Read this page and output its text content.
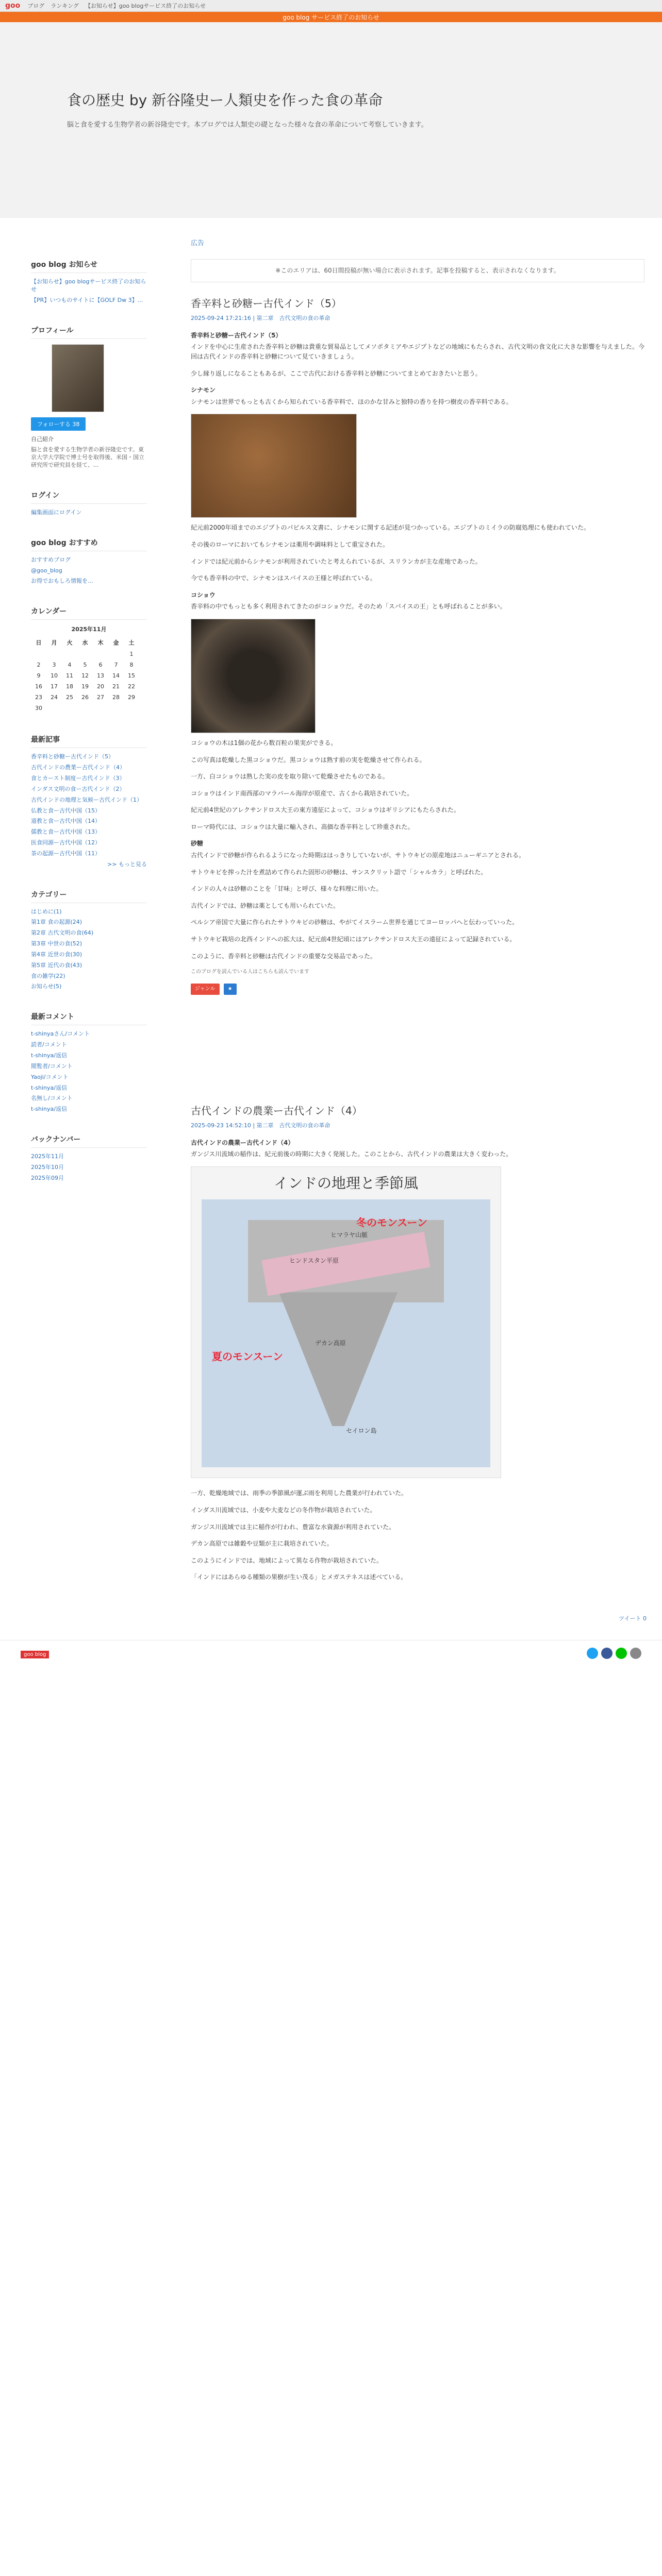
goo ブログ ランキング 【お知らせ】goo blogサービス終了のお知らせ
goo blog サービス終了のお知らせ
食の歴史 by 新谷隆史ー人類史を作った食の革命

脳と食を愛する生物学者の新谷隆史です。本ブログでは人類史の礎となった様々な食の革命について考察していきます。

goo blog お知らせ
【お知らせ】goo blogサービス終了のお知らせ
【PR】いつものサイトに【GOLF Dw 3】...
プロフィール
フォローする 38
自己紹介
脳と食を愛する生物学者の新谷隆史です。東京大学大学院で博士号を取得後、米国・国立研究所で研究員を経て、...
ログイン
編集画面にログイン
goo blog おすすめ
おすすめブログ
@goo_blog
お得でおもしろ情報を...
カレンダー
2025年11月
日	月	火	水	木	金	土
						1
2	3	4	5	6	7	8
9	10	11	12	13	14	15
16	17	18	19	20	21	22
23	24	25	26	27	28	29
30						
最新記事
香辛料と砂糖ー古代インド（5）
古代インドの農業ー古代インド（4）
食とカースト制度ー古代インド（3）
インダス文明の食ー古代インド（2）
古代インドの地理と気候ー古代インド（1）
仏教と食ー古代中国（15）
道教と食ー古代中国（14）
儒教と食ー古代中国（13）
医食同源ー古代中国（12）
茶の起源ー古代中国（11）
>> もっと見る
カテゴリー
はじめに(1)
第1章 食の起源(24)
第2章 古代文明の食(64)
第3章 中世の食(52)
第4章 近世の食(30)
第5章 近代の食(43)
食の雑学(22)
お知らせ(5)
最新コメント
t-shinyaさん/コメント
読者/コメント
t-shinya/返信
閲覧者/コメント
Yaoji/コメント
t-shinya/返信
名無し/コメント
t-shinya/返信
バックナンバー
2025年11月
2025年10月
2025年09月
広告
※このエリアは、60日間投稿が無い場合に表示されます。記事を投稿すると、表示されなくなります。
香辛料と砂糖ー古代インド（5）
2025-09-24 17:21:16 | 第二章　古代文明の食の革命
香辛料と砂糖ー古代インド（5）
インドを中心に生産された香辛料と砂糖は貴重な貿易品としてメソポタミアやエジプトなどの地域にもたらされ、古代文明の食文化に大きな影響を与えました。今回は古代インドの香辛料と砂糖について見ていきましょう。
少し縁り返しになることもあるが、ここで古代における香辛料と砂糖についてまとめておきたいと思う。
シナモン
シナモンは世界でもっとも古くから知られている香辛料で、ほのかな甘みと独特の香りを持つ樹皮の香辛料である。
紀元前2000年頃までのエジプトのパピルス文書に、シナモンに関する記述が見つかっている。エジプトのミイラの防腐処理にも使われていた。
その後のローマにおいてもシナモンは薬用や調味料として重宝された。
インドでは紀元前からシナモンが利用されていたと考えられているが、スリランカが主な産地であった。
今でも香辛料の中で、シナモンはスパイスの王様と呼ばれている。
コショウ
香辛料の中でもっとも多く利用されてきたのがコショウだ。そのため「スパイスの王」とも呼ばれることが多い。
コショウの木は1個の花から数百粒の果実ができる。
この写真は乾燥した黒コショウだ。黒コショウは熟す前の実を乾燥させて作られる。
一方、白コショウは熟した実の皮を取り除いて乾燥させたものである。
コショウはインド南西部のマラバール海岸が原産で、古くから栽培されていた。
紀元前4世紀のアレクサンドロス大王の東方遠征によって、コショウはギリシアにもたらされた。
ローマ時代には、コショウは大量に輸入され、高価な香辛料として珍重された。
砂糖
古代インドで砂糖が作られるようになった時期ははっきりしていないが、サトウキビの原産地はニューギニアとされる。
サトウキビを搾った汁を煮詰めて作られた固形の砂糖は、サンスクリット語で「シャルカラ」と呼ばれた。
インドの人々は砂糖のことを「甘味」と呼び、様々な料理に用いた。
古代インドでは、砂糖は薬としても用いられていた。
ペルシア帝国で大量に作られたサトウキビの砂糖は、やがてイスラーム世界を通じてヨーロッパへと伝わっていった。
サトウキビ栽培の北西インドへの拡大は、紀元前4世紀頃にはアレクサンドロス大王の遠征によって記録されている。
このように、香辛料と砂糖は古代インドの重要な交易品であった。
このブログを読んでいる人はこちらも読んでいます
ジャンル	★
古代インドの農業ー古代インド（4）
2025-09-23 14:52:10 | 第二章　古代文明の食の革命
古代インドの農業ー古代インド（4）
ガンジス川流域の稲作は、紀元前後の時期に大きく発展した。このことから、古代インドの農業は大きく変わった。
インドの地理と季節風
冬のモンスーン
夏のモンスーン
ヒマラヤ山脈
ヒンドスタン平原
デカン高原
セイロン島
一方、乾燥地域では、雨季の季節風が運ぶ雨を利用した農業が行われていた。
インダス川流域では、小麦や大麦などの冬作物が栽培されていた。
ガンジス川流域では主に稲作が行われ、豊富な水資源が利用されていた。
デカン高原では雑穀や豆類が主に栽培されていた。
このようにインドでは、地域によって異なる作物が栽培されていた。
「インドにはあらゆる種類の果樹が生い茂る」とメガステネスは述べている。
ツイート 0
goo blog
